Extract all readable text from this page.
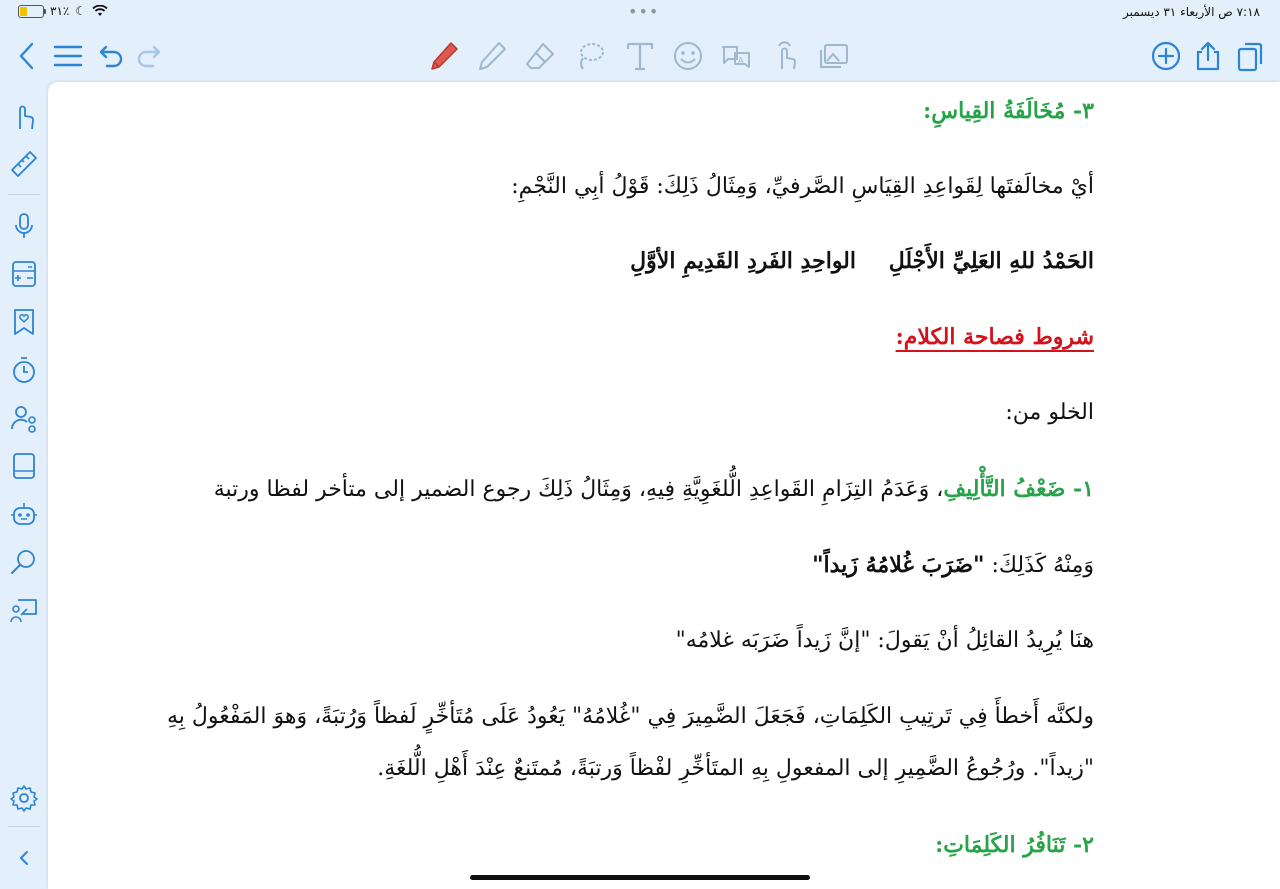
٣١٪ ☾	•••	٧:١٨ ص الأربعاء ٣١ ديسمبر
A
٣- مُخَالَفَةُ القِياسِ:
أيْ مخالَفتَها لِقَواعِدِ القِيَاسِ الصَّرفيِّ، وَمِثَالُ ذَلِكَ: قَوْلُ أبِي النَّجْمِ:
الحَمْدُ للهِ العَلِيِّ الأَجْلَلِ
الواحِدِ الفَردِ القَدِيمِ الأوَّلِ
شروط فصاحة الكلام:
الخلو من:
١- ضَعْفُ التَّأْلِيفِ، وَعَدَمُ التِزَامِ القَواعِدِ الُّلغَوِيَّةِ فِيهِ، وَمِثَالُ ذَلِكَ رجوع الضمير إلى متأخر لفظا ورتبة
وَمِنْهُ كَذَلِكَ: "ضَرَبَ غُلامُهُ زَيداً"
هنَا يُرِيدُ القائِلُ أنْ يَقولَ: "إنَّ زَيداً ضَرَبَه غلامُه"
ولكنَّه أَخطأَ فِي تَرتِيبِ الكَلِمَاتِ، فَجَعَلَ الضَّمِيرَ فِي "غُلامُهُ" يَعُودُ عَلَى مُتَأخِّرٍ لَفظاً وَرُتبَةً، وَهوَ المَفْعُولُ بِهِ
"زيداً". ورُجُوعُ الضَّمِيرِ إلى المفعولِ بِهِ المتَأخِّرِ لفْظاً وَرتبَةً، مُمتَنعٌ عِنْدَ أَهْلِ الُّلغَةِ.
٢- تَنَافُرُ الكَلِمَاتِ:
